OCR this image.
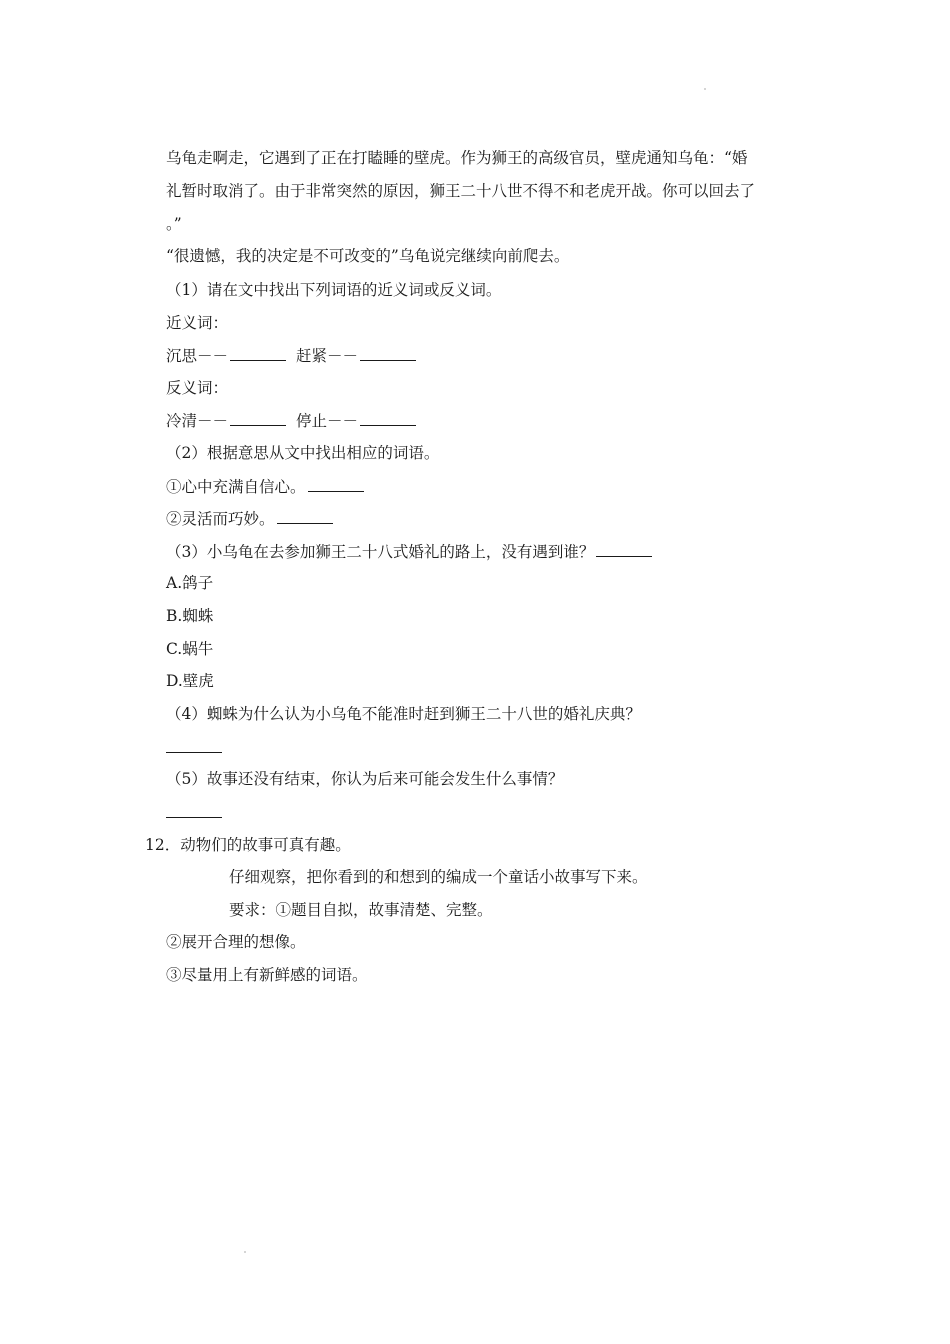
乌龟走啊走，它遇到了正在打瞌睡的壁虎。作为狮王的高级官员，壁虎通知乌龟：“婚
礼暂时取消了。由于非常突然的原因，狮王二十八世不得不和老虎开战。你可以回去了
。”
“很遗憾，我的决定是不可改变的”乌龟说完继续向前爬去。
（1）请在文中找出下列词语的近义词或反义词。
近义词：
沉思－－	赶紧－－
反义词：
冷清－－	停止－－
（2）根据意思从文中找出相应的词语。
①心中充满自信心。
②灵活而巧妙。
（3）小乌龟在去参加狮王二十八式婚礼的路上，没有遇到谁？
A.鸽子
B.蜘蛛
C.蜗牛
D.壁虎
（4）蜘蛛为什么认为小乌龟不能准时赶到狮王二十八世的婚礼庆典？
（5）故事还没有结束，你认为后来可能会发生什么事情？
12．动物们的故事可真有趣。
仔细观察，把你看到的和想到的编成一个童话小故事写下来。
要求：①题目自拟，故事清楚、完整。
②展开合理的想像。
③尽量用上有新鲜感的词语。
